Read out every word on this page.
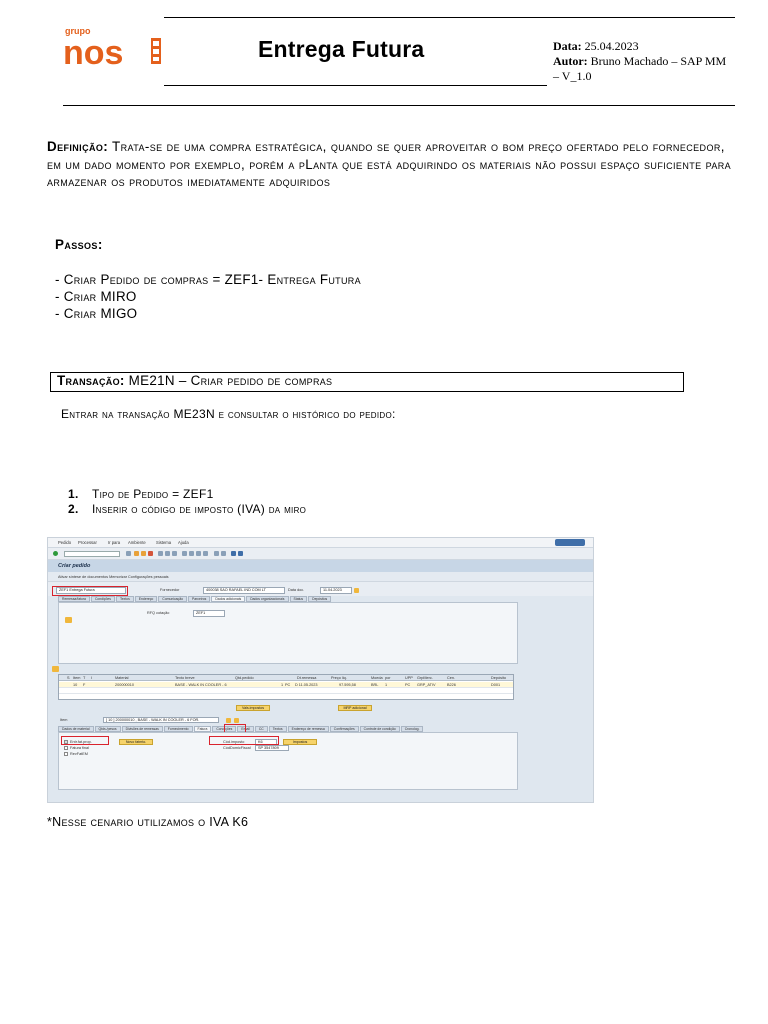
grupo
nos	Entrega Futura	Data: 25.04.2023
Autor: Bruno Machado – SAP MM – V_1.0
Definição: Trata-se de uma compra estratégica, quando se quer aproveitar o bom preço ofertado pelo fornecedor, em um dado momento por exemplo, porém a pLanta que está adquirindo os materiais não possui espaço suficiente para armazenar os produtos imediatamente adquiridos
Passos:
- Criar Pedido de compras = ZEF1- Entrega Futura
- Criar MIRO
- Criar MIGO
Transação: ME21N – Criar pedido de compras
Entrar na transação ME23N e consultar o histórico do pedido:
1. Tipo de Pedido = ZEF1
2. Inserir o código de imposto (IVA) da miro
Pedido Processar	Ir para Ambiente Sistema Ajuda
Criar pedido
Ativar síntese de documentos Memorizar Configurações pessoais
ZEF1 Entrega Futura	Fornecedor	400038 SAO RAFAEL IND COM LT	Data doc.	11.04.2023
Remessa/fatura	Condições	Textos	Endereço	Comunicação	Parceiros	Dados adicionais	Dados organizacionais	Status	Depósitos
RFQ cotação	ZEF1
S Item T I	Material	Texto breve	Qtd.pedido	Dt.remessa	Preço liq.	Moeda por	UPP GrpMerc.	Cen.	Depósito
10 F	200000010	BASE - WALK IN COOLER - 6	1 PC D 11.05.2023	97.595,58	BRL 1	PC GRP_ATIV	B226	D001
Vals.impostos	MRP adicional
Item	[ 10 ] 200000010 , BASE - WALK IN COOLER - 6 FOR.
Dados de material	Qtds./pesos	Divisões de remessas	Fornecimento	Fatura	Condições	Email	CC	Textos	Endereço de remessa	Confirmações	Controle de condição	Cronolog.
Entr.fat.prop.
Fatura final
RevFatEM
Novo fatmto.	Cód.imposto	K6	Impostos
CódDomicFiscal	SP 3547809
*Nesse cenario utilizamos o IVA K6
